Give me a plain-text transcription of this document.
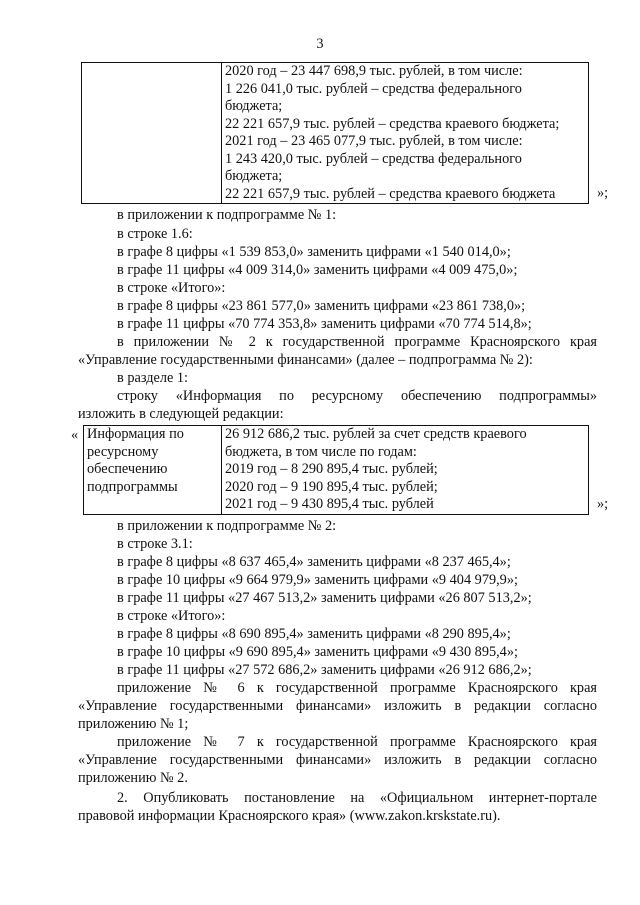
3

2020 год – 23 447 698,9 тыс. рублей, в том числе:
1 226 041,0 тыс. рублей – средства федерального
бюджета;
22 221 657,9 тыс. рублей – средства краевого бюджета;
2021 год – 23 465 077,9 тыс. рублей, в том числе:
1 243 420,0 тыс. рублей – средства федерального
бюджета;
22 221 657,9 тыс. рублей – средства краевого бюджета	»;
в приложении к подпрограмме № 1:
в строке 1.6:
в графе 8 цифры «1 539 853,0» заменить цифрами «1 540 014,0»;
в графе 11 цифры «4 009 314,0» заменить цифрами «4 009 475,0»;
в строке «Итого»:
в графе 8 цифры «23 861 577,0» заменить цифрами «23 861 738,0»;
в графе 11 цифры «70 774 353,8» заменить цифрами «70 774 514,8»;
в приложении № 2 к государственной программе Красноярского края
«Управление государственными финансами» (далее – подпрограмма № 2):
в разделе 1:
строку «Информация по ресурсному обеспечению подпрограммы»
изложить в следующей редакции:
« Информация по
ресурсному
обеспечению
подпрограммы

26 912 686,2 тыс. рублей за счет средств краевого
бюджета, в том числе по годам:
2019 год – 8 290 895,4 тыс. рублей;
2020 год – 9 190 895,4 тыс. рублей;
2021 год – 9 430 895,4 тыс. рублей	»;
в приложении к подпрограмме № 2:
в строке 3.1:
в графе 8 цифры «8 637 465,4» заменить цифрами «8 237 465,4»;
в графе 10 цифры «9 664 979,9» заменить цифрами «9 404 979,9»;
в графе 11 цифры «27 467 513,2» заменить цифрами «26 807 513,2»;
в строке «Итого»:
в графе 8 цифры «8 690 895,4» заменить цифрами «8 290 895,4»;
в графе 10 цифры «9 690 895,4» заменить цифрами «9 430 895,4»;
в графе 11 цифры «27 572 686,2» заменить цифрами «26 912 686,2»;
приложение № 6 к государственной программе Красноярского края
«Управление государственными финансами» изложить в редакции согласно
приложению № 1;
приложение № 7 к государственной программе Красноярского края
«Управление государственными финансами» изложить в редакции согласно
приложению № 2.
2. Опубликовать постановление на «Официальном интернет-портале
правовой информации Красноярского края» (www.zakon.krskstate.ru).
